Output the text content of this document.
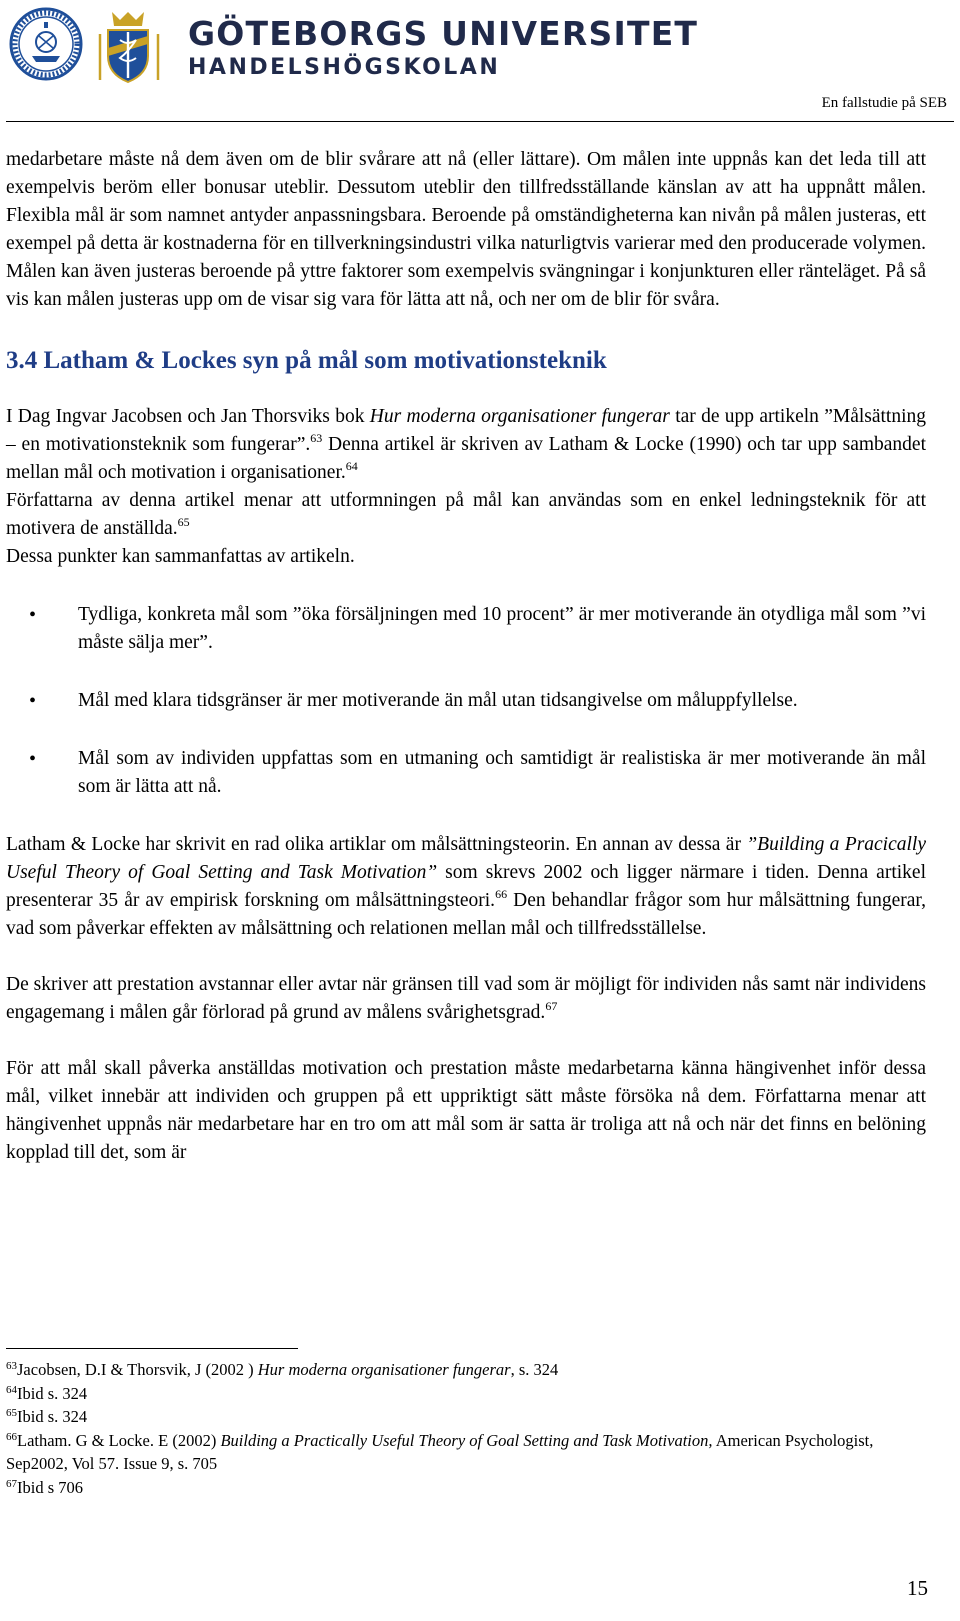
GÖTEBORGS UNIVERSITET
HANDELSHÖGSKOLAN
En fallstudie på SEB

medarbetare måste nå dem även om de blir svårare att nå (eller lättare). Om målen inte uppnås kan det leda till att exempelvis beröm eller bonusar uteblir. Dessutom uteblir den tillfredsställande känslan av att ha uppnått målen. Flexibla mål är som namnet antyder anpassningsbara. Beroende på omständigheterna kan nivån på målen justeras, ett exempel på detta är kostnaderna för en tillverkningsindustri vilka naturligtvis varierar med den producerade volymen. Målen kan även justeras beroende på yttre faktorer som exempelvis svängningar i konjunkturen eller ränteläget. På så vis kan målen justeras upp om de visar sig vara för lätta att nå, och ner om de blir för svåra.

3.4 Latham & Lockes syn på mål som motivationsteknik

I Dag Ingvar Jacobsen och Jan Thorsviks bok Hur moderna organisationer fungerar tar de upp artikeln ”Målsättning – en motivationsteknik som fungerar”.$^{63}$ Denna artikel är skriven av Latham & Locke (1990) och tar upp sambandet mellan mål och motivation i organisationer.$^{64}$
Författarna av denna artikel menar att utformningen på mål kan användas som en enkel ledningsteknik för att motivera de anställda.$^{65}$
Dessa punkter kan sammanfattas av artikeln.

• Tydliga, konkreta mål som ”öka försäljningen med 10 procent” är mer motiverande än otydliga mål som ”vi måste sälja mer”.
• Mål med klara tidsgränser är mer motiverande än mål utan tidsangivelse om måluppfyllelse.
• Mål som av individen uppfattas som en utmaning och samtidigt är realistiska är mer motiverande än mål som är lätta att nå.

Latham & Locke har skrivit en rad olika artiklar om målsättningsteorin. En annan av dessa är ”Building a Pracically Useful Theory of Goal Setting and Task Motivation” som skrevs 2002 och ligger närmare i tiden. Denna artikel presenterar 35 år av empirisk forskning om målsättningsteori.$^{66}$ Den behandlar frågor som hur målsättning fungerar, vad som påverkar effekten av målsättning och relationen mellan mål och tillfredsställelse.

De skriver att prestation avstannar eller avtar när gränsen till vad som är möjligt för individen nås samt när individens engagemang i målen går förlorad på grund av målens svårighetsgrad.$^{67}$

För att mål skall påverka anställdas motivation och prestation måste medarbetarna känna hängivenhet inför dessa mål, vilket innebär att individen och gruppen på ett uppriktigt sätt måste försöka nå dem. Författarna menar att hängivenhet uppnås när medarbetare har en tro om att mål som är satta är troliga att nå och när det finns en belöning kopplad till det, som är

$^{63}$Jacobsen, D.I & Thorsvik, J (2002 ) Hur moderna organisationer fungerar, s. 324
$^{64}$Ibid s. 324
$^{65}$Ibid s. 324
$^{66}$Latham. G & Locke. E (2002) Building a Practically Useful Theory of Goal Setting and Task Motivation, American Psychologist, Sep2002, Vol 57. Issue 9, s. 705
$^{67}$Ibid s 706
15
